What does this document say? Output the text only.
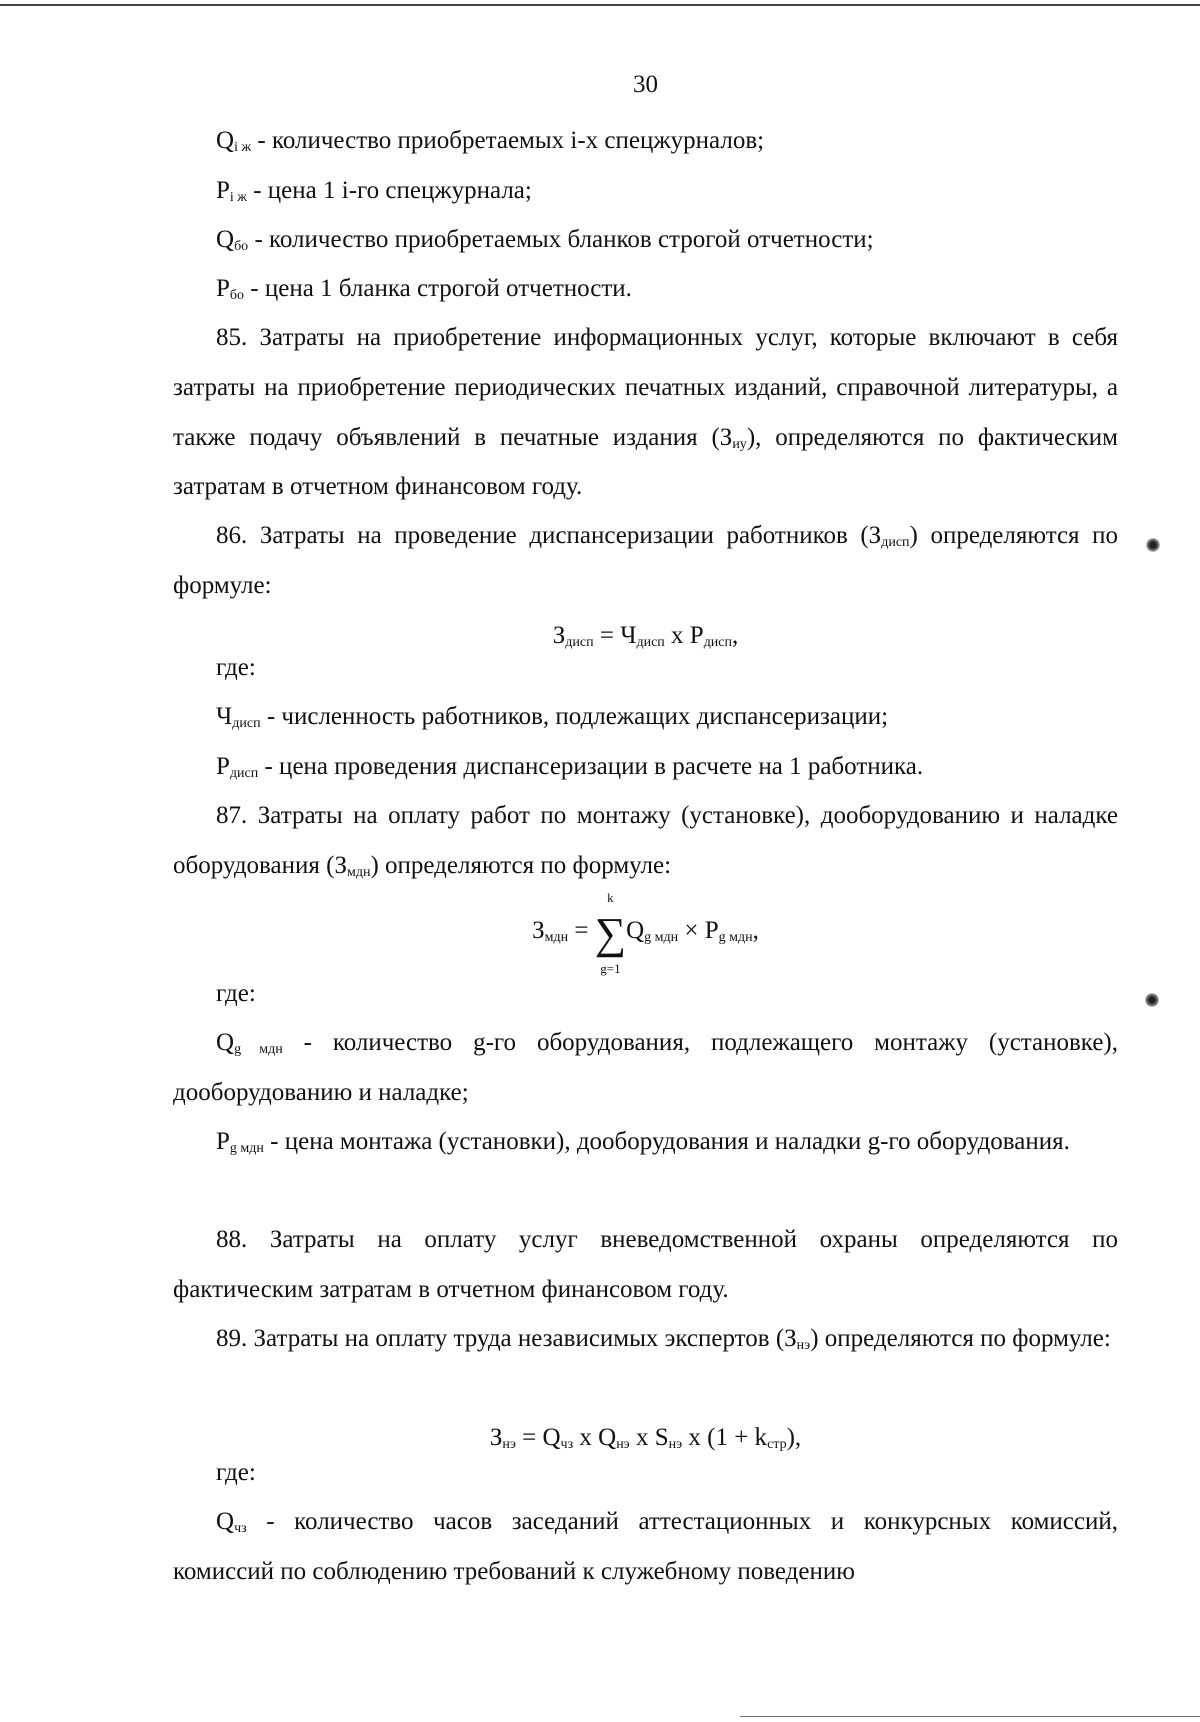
30
$Q_{i ж}$ - количество приобретаемых i-х спецжурналов;
$P_{i ж}$ - цена 1 i-го спецжурнала;
$Q_{бо}$ - количество приобретаемых бланков строгой отчетности;
$P_{бо}$ - цена 1 бланка строгой отчетности.
85. Затраты на приобретение информационных услуг, которые включают в себя затраты на приобретение периодических печатных изданий, справочной литературы, а также подачу объявлений в печатные издания $(З_{иу})$, определяются по фактическим затратам в отчетном финансовом году.
86. Затраты на проведение диспансеризации работников $(З_{дисп})$ определяются по формуле:
$З_{дисп} = Ч_{дисп}$ x $P_{дисп}$,
где:
$Ч_{дисп}$ - численность работников, подлежащих диспансеризации;
$P_{дисп}$ - цена проведения диспансеризации в расчете на 1 работника.
87. Затраты на оплату работ по монтажу (установке), дооборудованию и наладке оборудования $(З_{мдн})$ определяются по формуле:
$З_{мдн}$ =
k
∑
g=1
$Q_{g мдн} \times P_{g мдн}$,
где:
$Q_{g мдн}$ - количество g-го оборудования, подлежащего монтажу (установке), дооборудованию и наладке;
$P_{g мдн}$ - цена монтажа (установки), дооборудования и наладки g-го оборудования.
88. Затраты на оплату услуг вневедомственной охраны определяются по фактическим затратам в отчетном финансовом году.
89. Затраты на оплату труда независимых экспертов $(З_{нэ})$ определяются по формуле:
$З_{нэ} = Q_{чз}$ x $Q_{нэ}$ x $S_{нэ}$ x $(1 + k_{стр})$,
где:
$Q_{чз}$ - количество часов заседаний аттестационных и конкурсных комиссий, комиссий по соблюдению требований к служебному поведению
